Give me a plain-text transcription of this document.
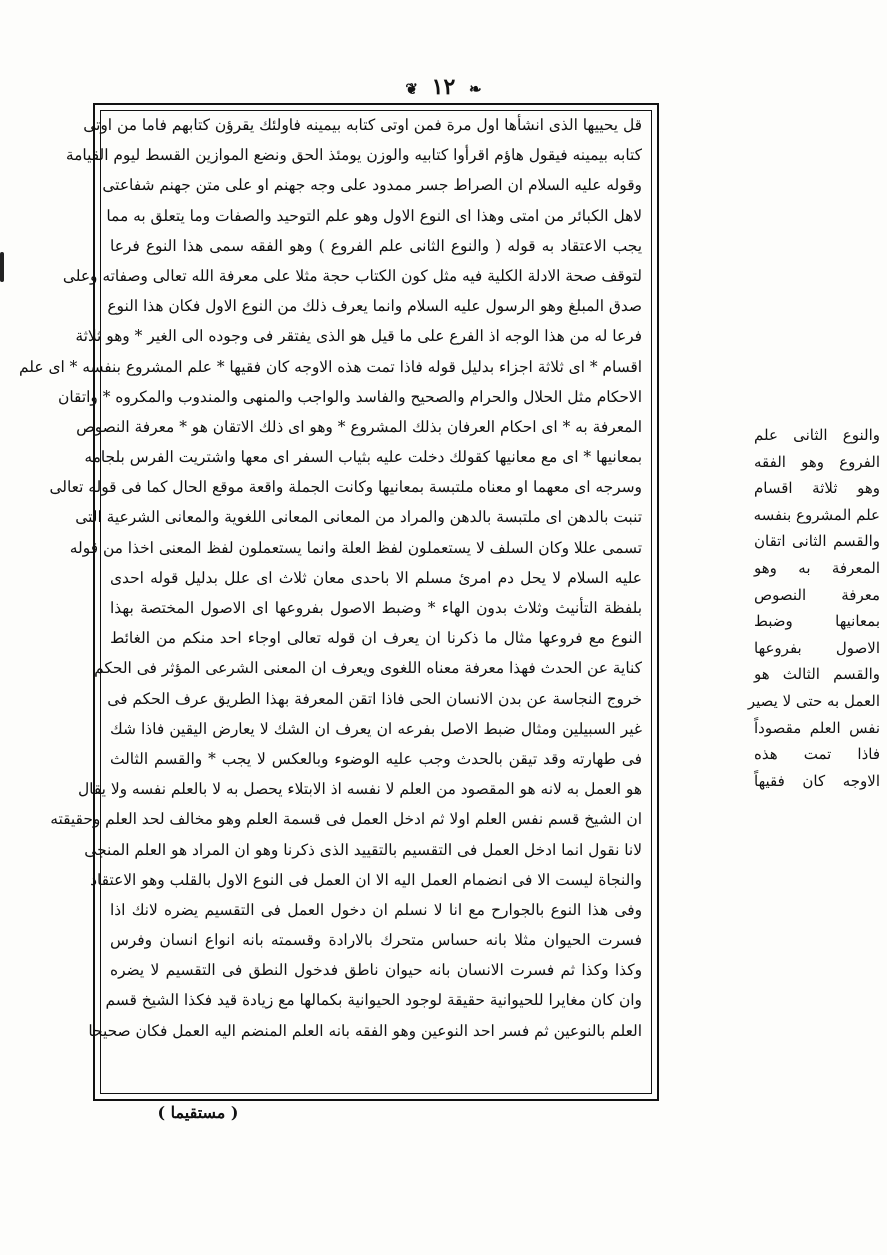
❦ ١٢ ❧
قل يحييها الذى انشأها اول مرة فمن اوتى كتابه بيمينه فاولئك يقرؤن كتابهم فاما من اوتى
كتابه بيمينه فيقول هاؤم اقرأوا كتابيه والوزن يومئذ الحق ونضع الموازين القسط ليوم القيامة
وقوله عليه السلام ان الصراط جسر ممدود على وجه جهنم او على متن جهنم شفاعتى
لاهل الكبائر من امتى وهذا اى النوع الاول وهو علم التوحيد والصفات وما يتعلق به مما
يجب الاعتقاد به قوله ( والنوع الثانى علم الفروع ) وهو الفقه سمى هذا النوع فرعا
لتوقف صحة الادلة الكلية فيه مثل كون الكتاب حجة مثلا على معرفة الله تعالى وصفاته وعلى
صدق المبلغ وهو الرسول عليه السلام وانما يعرف ذلك من النوع الاول فكان هذا النوع
فرعا له من هذا الوجه اذ الفرع على ما قيل هو الذى يفتقر فى وجوده الى الغير * وهو ثلاثة
اقسام * اى ثلاثة اجزاء بدليل قوله فاذا تمت هذه الاوجه كان فقيها * علم المشروع بنفسه * اى علم
الاحكام مثل الحلال والحرام والصحيح والفاسد والواجب والمنهى والمندوب والمكروه * واتقان
المعرفة به * اى احكام العرفان بذلك المشروع * وهو اى ذلك الاتقان هو * معرفة النصوص
بمعانيها * اى مع معانيها كقولك دخلت عليه بثياب السفر اى معها واشتريت الفرس بلجامه
وسرجه اى معهما او معناه ملتبسة بمعانيها وكانت الجملة واقعة موقع الحال كما فى قوله تعالى
تنبت بالدهن اى ملتبسة بالدهن والمراد من المعانى المعانى اللغوية والمعانى الشرعية التى
تسمى عللا وكان السلف لا يستعملون لفظ العلة وانما يستعملون لفظ المعنى اخذا من قوله
عليه السلام لا يحل دم امرئ مسلم الا باحدى معان ثلاث اى علل بدليل قوله احدى
بلفظة التأنيث وثلاث بدون الهاء * وضبط الاصول بفروعها اى الاصول المختصة بهذا
النوع مع فروعها مثال ما ذكرنا ان يعرف ان قوله تعالى اوجاء احد منكم من الغائط
كناية عن الحدث فهذا معرفة معناه اللغوى ويعرف ان المعنى الشرعى المؤثر فى الحكم
خروج النجاسة عن بدن الانسان الحى فاذا اتقن المعرفة بهذا الطريق عرف الحكم فى
غير السبيلين ومثال ضبط الاصل بفرعه ان يعرف ان الشك لا يعارض اليقين فاذا شك
فى طهارته وقد تيقن بالحدث وجب عليه الوضوء وبالعكس لا يجب * والقسم الثالث
هو العمل به لانه هو المقصود من العلم لا نفسه اذ الابتلاء يحصل به لا بالعلم نفسه ولا يقال
ان الشيخ قسم نفس العلم اولا ثم ادخل العمل فى قسمة العلم وهو مخالف لحد العلم وحقيقته
لانا نقول انما ادخل العمل فى التقسيم بالتقييد الذى ذكرنا وهو ان المراد هو العلم المنجى
والنجاة ليست الا فى انضمام العمل اليه الا ان العمل فى النوع الاول بالقلب وهو الاعتقاد
وفى هذا النوع بالجوارح مع انا لا نسلم ان دخول العمل فى التقسيم يضره لانك اذا
فسرت الحيوان مثلا بانه حساس متحرك بالارادة وقسمته بانه انواع انسان وفرس
وكذا وكذا ثم فسرت الانسان بانه حيوان ناطق فدخول النطق فى التقسيم لا يضره
وان كان مغايرا للحيوانية حقيقة لوجود الحيوانية بكمالها مع زيادة قيد فكذا الشيخ قسم
العلم بالنوعين ثم فسر احد النوعين وهو الفقه بانه العلم المنضم اليه العمل فكان صحيحا
والنوع الثانى علم
الفروع وهو الفقه
وهو ثلاثة اقسام
علم المشروع بنفسه
والقسم الثانى اتقان
المعرفة به وهو
معرفة النصوص
بمعانيها وضبط
الاصول بفروعها
والقسم الثالث هو
العمل به حتى لا يصير
نفس العلم مقصوداً
فاذا تمت هذه
الاوجه كان فقيهاً
( مستقيما )
